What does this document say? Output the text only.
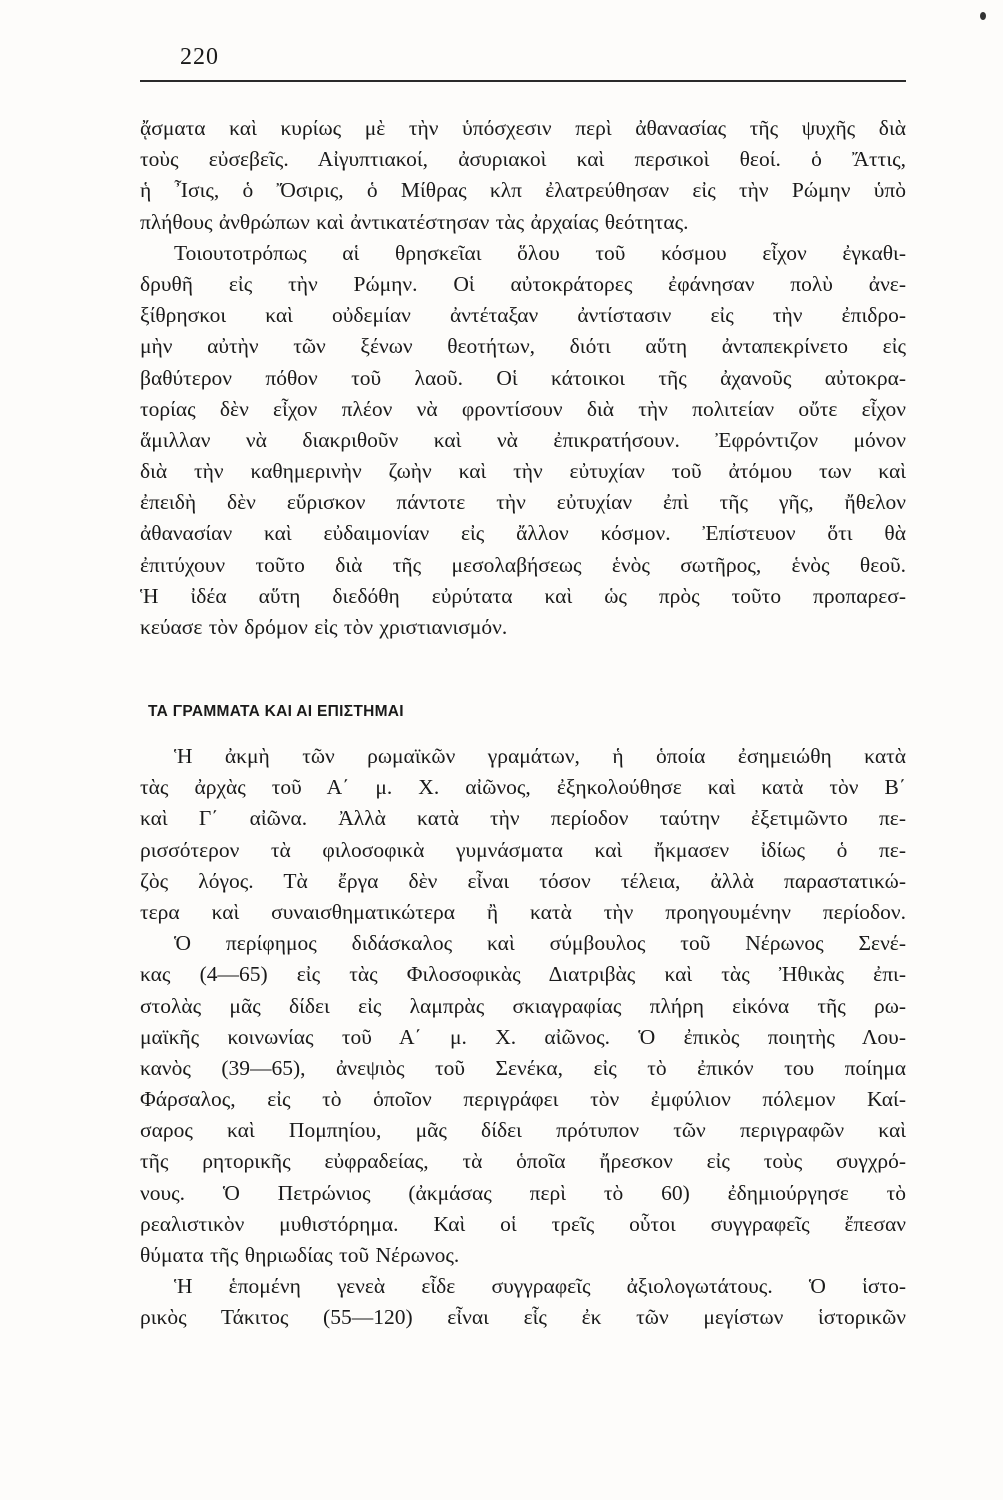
220
ᾄσματα καὶ κυρίως μὲ τὴν ὑπόσχεσιν περὶ ἀθανασίας τῆς ψυχῆς διὰ
τοὺς εὐσεβεῖς. Αἰγυπτιακοί, ἀσυριακοὶ καὶ περσικοὶ θεοί. ὁ Ἄττις,
ἡ Ἶσις, ὁ Ὄσιρις, ὁ Μίθρας κλπ ἐλατρεύθησαν εἰς τὴν Ρώμην ὑπὸ
πλήθους ἀνθρώπων καὶ ἀντικατέστησαν τὰς ἀρχαίας θεότητας.
Τοιουτοτρόπως αἱ θρησκεῖαι ὅλου τοῦ κόσμου εἶχον ἐγκαθι-
δρυθῆ εἰς τὴν Ρώμην. Οἱ αὐτοκράτορες ἐφάνησαν πολὺ ἀνε-
ξίθρησκοι καὶ οὐδεμίαν ἀντέταξαν ἀντίστασιν εἰς τὴν ἐπιδρο-
μὴν αὐτὴν τῶν ξένων θεοτήτων, διότι αὕτη ἀνταπεκρίνετο εἰς
βαθύτερον πόθον τοῦ λαοῦ. Οἱ κάτοικοι τῆς ἀχανοῦς αὐτοκρα-
τορίας δὲν εἶχον πλέον νὰ φροντίσουν διὰ τὴν πολιτείαν οὔτε εἶχον
ἅμιλλαν νὰ διακριθοῦν καὶ νὰ ἐπικρατήσουν. Ἐφρόντιζον μόνον
διὰ τὴν καθημερινὴν ζωὴν καὶ τὴν εὐτυχίαν τοῦ ἀτόμου των καὶ
ἐπειδὴ δὲν εὕρισκον πάντοτε τὴν εὐτυχίαν ἐπὶ τῆς γῆς, ἤθελον
ἀθανασίαν καὶ εὐδαιμονίαν εἰς ἄλλον κόσμον. Ἐπίστευον ὅτι θὰ
ἐπιτύχουν τοῦτο διὰ τῆς μεσολαβήσεως ἑνὸς σωτῆρος, ἑνὸς θεοῦ.
Ἡ ἰδέα αὕτη διεδόθη εὐρύτατα καὶ ὡς πρὸς τοῦτο προπαρεσ-
κεύασε τὸν δρόμον εἰς τὸν χριστιανισμόν.
ΤΑ ΓΡΑΜΜΑΤΑ ΚΑΙ ΑΙ ΕΠΙΣΤΗΜΑΙ
Ἡ ἀκμὴ τῶν ρωμαϊκῶν γραμάτων, ἡ ὁποία ἐσημειώθη κατὰ
τὰς ἀρχὰς τοῦ Α΄ μ. Χ. αἰῶνος, ἐξηκολούθησε καὶ κατὰ τὸν Β΄
καὶ Γ΄ αἰῶνα. Ἀλλὰ κατὰ τὴν περίοδον ταύτην ἐξετιμῶντο πε-
ρισσότερον τὰ φιλοσοφικὰ γυμνάσματα καὶ ἤκμασεν ἰδίως ὁ πε-
ζὸς λόγος. Τὰ ἔργα δὲν εἶναι τόσον τέλεια, ἀλλὰ παραστατικώ-
τερα καὶ συναισθηματικώτερα ἢ κατὰ τὴν προηγουμένην περίοδον.
Ὁ περίφημος διδάσκαλος καὶ σύμβουλος τοῦ Νέρωνος Σενέ-
κας (4—65) εἰς τὰς Φιλοσοφικὰς Διατριβὰς καὶ τὰς Ἠθικὰς ἐπι-
στολὰς μᾶς δίδει εἰς λαμπρὰς σκιαγραφίας πλήρη εἰκόνα τῆς ρω-
μαϊκῆς κοινωνίας τοῦ Α΄ μ. Χ. αἰῶνος. Ὁ ἐπικὸς ποιητὴς Λου-
κανὸς (39—65), ἀνεψιὸς τοῦ Σενέκα, εἰς τὸ ἐπικόν του ποίημα
Φάρσαλος, εἰς τὸ ὁποῖον περιγράφει τὸν ἐμφύλιον πόλεμον Καί-
σαρος καὶ Πομπηίου, μᾶς δίδει πρότυπον τῶν περιγραφῶν καὶ
τῆς ρητορικῆς εὐφραδείας, τὰ ὁποῖα ἤρεσκον εἰς τοὺς συγχρό-
νους. Ὁ Πετρώνιος (ἀκμάσας περὶ τὸ 60) ἐδημιούργησε τὸ
ρεαλιστικὸν μυθιστόρημα. Καὶ οἱ τρεῖς οὗτοι συγγραφεῖς ἔπεσαν
θύματα τῆς θηριωδίας τοῦ Νέρωνος.
Ἡ ἑπομένη γενεὰ εἶδε συγγραφεῖς ἀξιολογωτάτους. Ὁ ἱστο-
ρικὸς Τάκιτος (55—120) εἶναι εἷς ἐκ τῶν μεγίστων ἱστορικῶν
